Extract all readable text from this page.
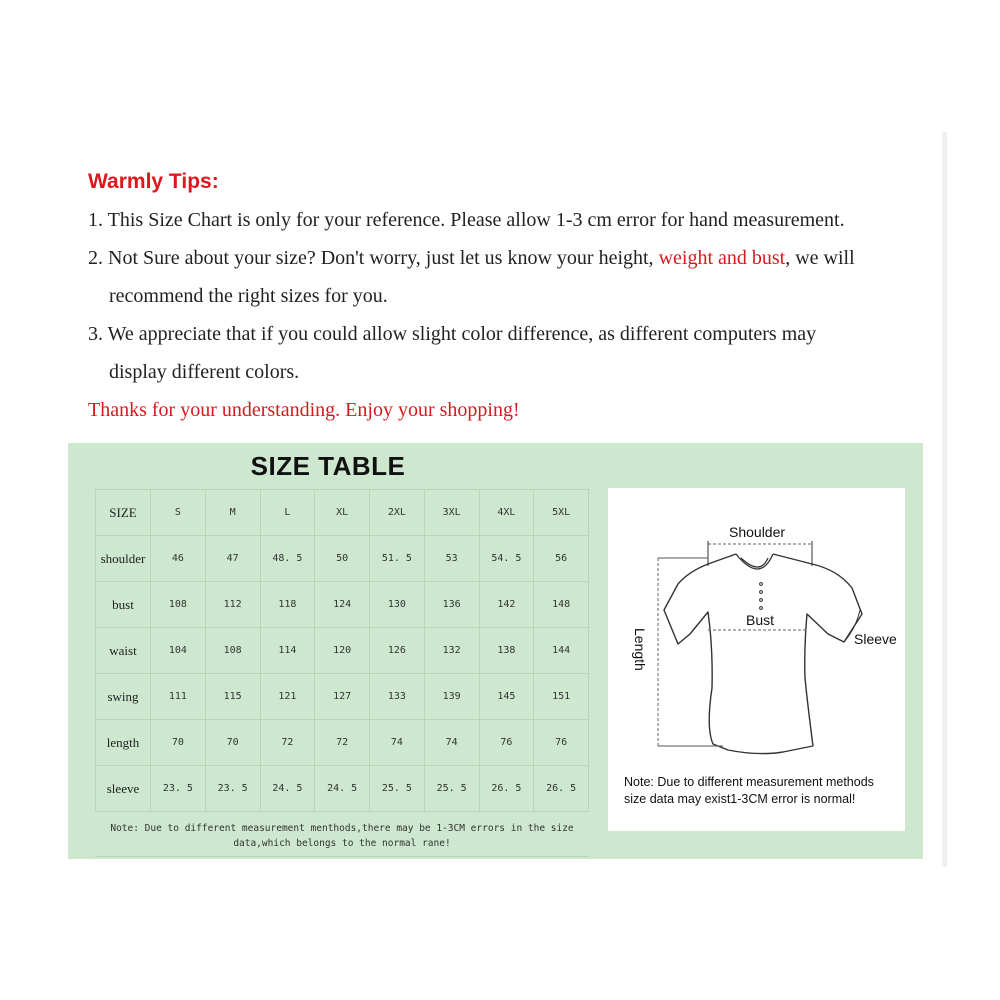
Warmly Tips:
1. This Size Chart is only for your reference. Please allow 1-3 cm error for hand measurement.
2. Not Sure about your size? Don't worry, just let us know your height, weight and bust, we will
recommend the right sizes for you.
3. We appreciate that if you could allow slight color difference, as different computers may
display different colors.
Thanks for your understanding. Enjoy your shopping!
SIZE TABLE
SIZE	S	M	L	XL	2XL	3XL	4XL	5XL
shoulder	46	47	48. 5	50	51. 5	53	54. 5	56
bust	108	112	118	124	130	136	142	148
waist	104	108	114	120	126	132	138	144
swing	111	115	121	127	133	139	145	151
length	70	70	72	72	74	74	76	76
sleeve	23. 5	23. 5	24. 5	24. 5	25. 5	25. 5	26. 5	26. 5
Note: Due to different measurement menthods,there may be 1-3CM errors in the size
data,which belongs to the normal rane!
Shoulder
Bust
Sleeve
Length
Note: Due to different measurement methods
size data may exist1-3CM error is normal!
